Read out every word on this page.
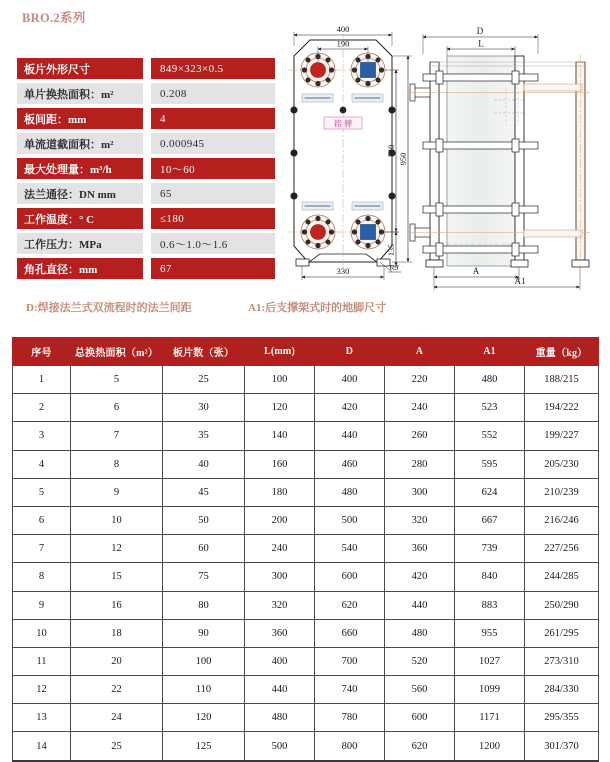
BRO.2系列
板片外形尺寸	849×323×0.5
单片换热面积：m²	0.208
板间距：mm	4
单流道截面积：m²	0.000945
最大处理量：m³/h	10～60
法兰通径：DN mm	65
工作温度：° C	≤180
工作压力：MPa	0.6～1.0～1.6
角孔直径：mm	67
铭 牌
400
190
950
720
135
330	R9
D
L
A
A1
D:焊接法兰式双流程时的法兰间距	A1:后支撑架式时的地脚尺寸
序号	总换热面积（m²）	板片数（张）	L(mm)	D	A	A1	重量（kg）
1	5	25	100	400	220	480	188/215
2	6	30	120	420	240	523	194/222
3	7	35	140	440	260	552	199/227
4	8	40	160	460	280	595	205/230
5	9	45	180	480	300	624	210/239
6	10	50	200	500	320	667	216/246
7	12	60	240	540	360	739	227/256
8	15	75	300	600	420	840	244/285
9	16	80	320	620	440	883	250/290
10	18	90	360	660	480	955	261/295
11	20	100	400	700	520	1027	273/310
12	22	110	440	740	560	1099	284/330
13	24	120	480	780	600	1171	295/355
14	25	125	500	800	620	1200	301/370
